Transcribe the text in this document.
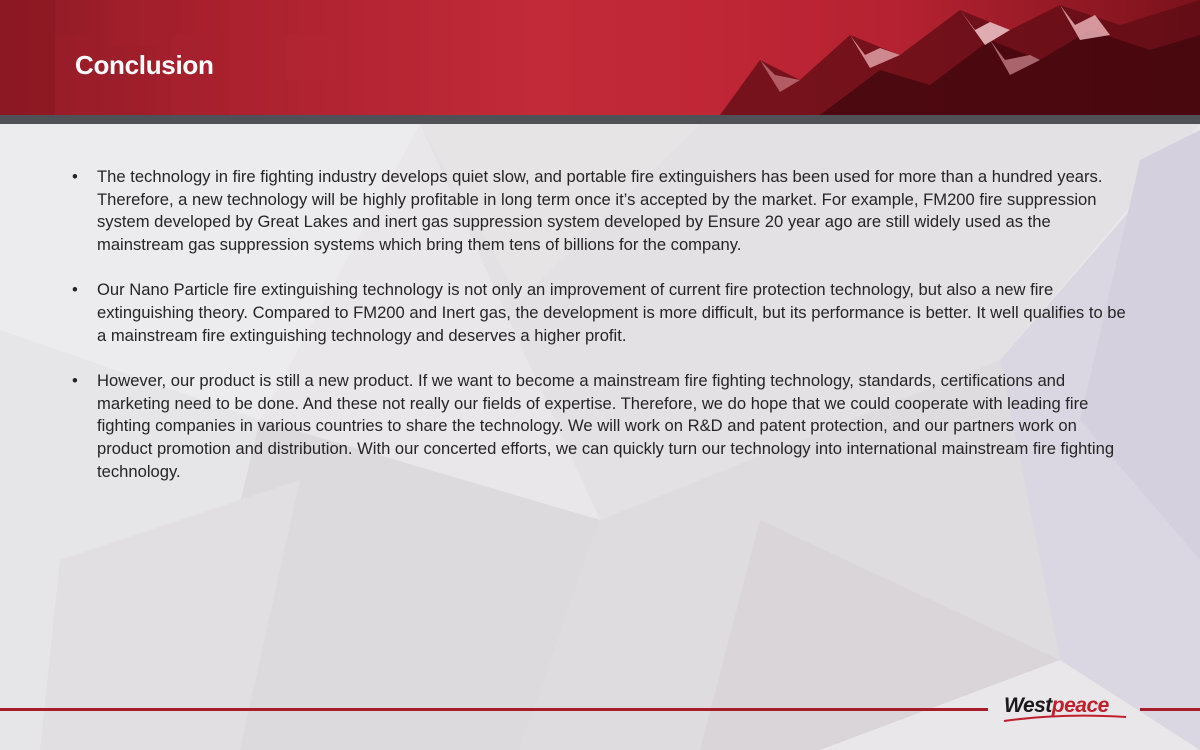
Conclusion

• The technology in fire fighting industry develops quiet slow, and portable fire extinguishers has been used for more than a hundred years. Therefore, a new technology will be highly profitable in long term once it’s accepted by the market. For example, FM200 fire suppression system developed by Great Lakes and inert gas suppression system developed by Ensure 20 year ago are still widely used as the mainstream gas suppression systems which bring them tens of billions for the company.

• Our Nano Particle fire extinguishing technology is not only an improvement of current fire protection technology, but also a new fire extinguishing theory. Compared to FM200 and Inert gas, the development is more difficult, but its performance is better. It well qualifies to be a mainstream fire extinguishing technology and deserves a higher profit.

• However, our product is still a new product. If we want to become a mainstream fire fighting technology, standards, certifications and marketing need to be done. And these not really our fields of expertise. Therefore, we do hope that we could cooperate with leading fire fighting companies in various countries to share the technology. We will work on R&D and patent protection, and our partners work on product promotion and distribution. With our concerted efforts, we can quickly turn our technology into international mainstream fire fighting technology.

Westpeace
